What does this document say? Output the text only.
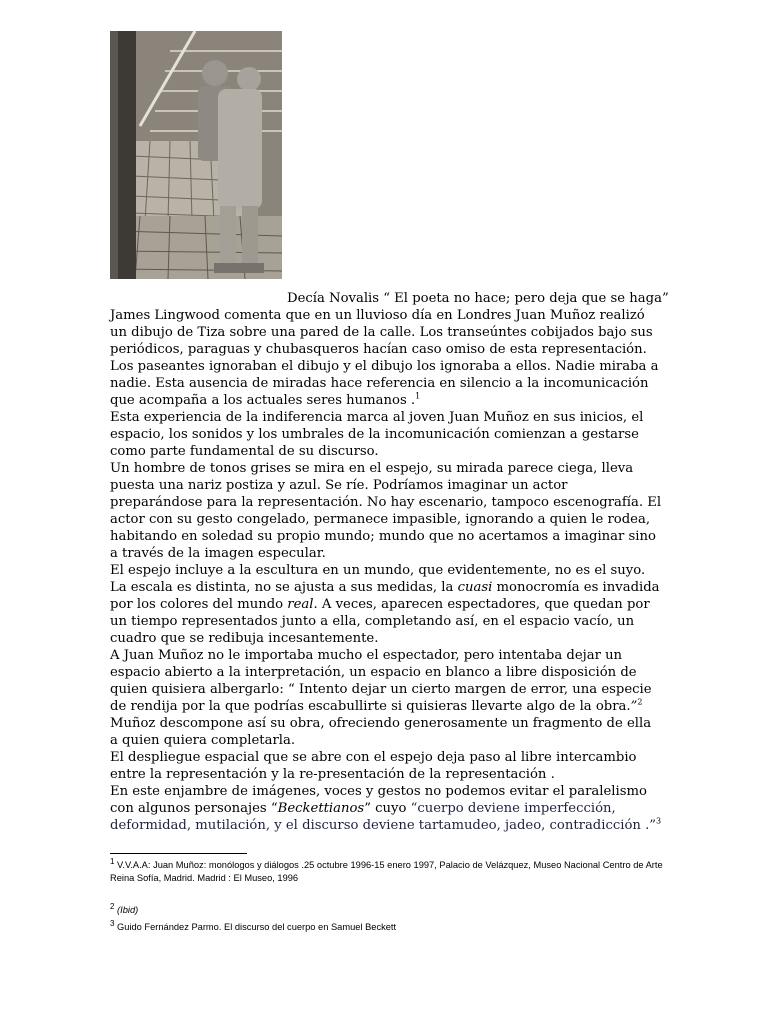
Decía Novalis “ El poeta no hace; pero deja que se haga”

James Lingwood comenta que en un lluvioso día en Londres Juan Muñoz realizó un dibujo de Tiza sobre una pared de la calle. Los transeúntes cobijados bajo sus periódicos, paraguas y chubasqueros hacían caso omiso de esta representación. Los paseantes ignoraban el dibujo y el dibujo los ignoraba a ellos. Nadie miraba a nadie. Esta ausencia de miradas hace referencia en silencio a la incomunicación que acompaña a los actuales seres humanos .$^1$

Esta experiencia de la indiferencia marca al joven Juan Muñoz en sus inicios, el espacio, los sonidos y los umbrales de la incomunicación comienzan a gestarse como parte fundamental de su discurso.

Un hombre de tonos grises se mira en el espejo, su mirada parece ciega, lleva puesta una nariz postiza y azul. Se ríe. Podríamos imaginar un actor preparándose para la representación. No hay escenario, tampoco escenografía. El actor con su gesto congelado, permanece impasible, ignorando a quien le rodea, habitando en soledad su propio mundo; mundo que no acertamos a imaginar sino a través de la imagen especular.

El espejo incluye a la escultura en un mundo, que evidentemente, no es el suyo. La escala es distinta, no se ajusta a sus medidas, la cuasi monocromía es invadida por los colores del mundo real. A veces, aparecen espectadores, que quedan por un tiempo representados junto a ella, completando así, en el espacio vacío, un cuadro que se redibuja incesantemente.

A Juan Muñoz no le importaba mucho el espectador, pero intentaba dejar un espacio abierto a la interpretación, un espacio en blanco a libre disposición de quien quisiera albergarlo: “ Intento dejar un cierto margen de error, una especie de rendija por la que podrías escabullirte si quisieras llevarte algo de la obra.”$^2$

Muñoz descompone así su obra, ofreciendo generosamente un fragmento de ella a quien quiera completarla.

El despliegue espacial que se abre con el espejo deja paso al libre intercambio entre la representación y la re-presentación de la representación .

En este enjambre de imágenes, voces y gestos no podemos evitar el paralelismo con algunos personajes “Beckettianos” cuyo “cuerpo deviene imperfección, deformidad, mutilación, y el discurso deviene tartamudeo, jadeo, contradicción .”$^3$

$^1$ V.V.A.A: Juan Muñoz: monólogos y diálogos .25 octubre 1996-15 enero 1997, Palacio de Velázquez, Museo Nacional Centro de Arte Reina Sofía, Madrid. Madrid : El Museo, 1996
$^2$ (Ibid)
$^3$ Guido Fernández Parmo. El discurso del cuerpo en Samuel Beckett
